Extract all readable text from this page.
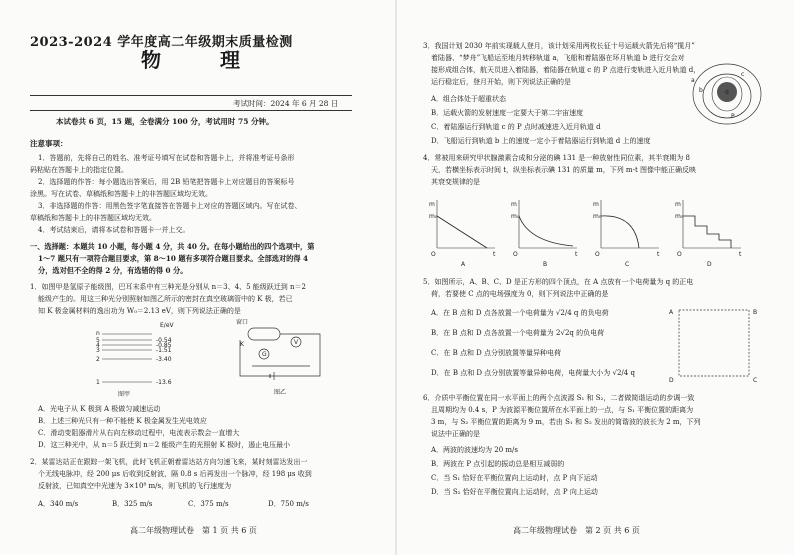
2023-2024 学年度高二年级期末质量检测
物 理
考试时间：2024 年 6 月 28 日
本试卷共 6 页，15 题，全卷满分 100 分，考试用时 75 分钟。
注意事项：
1．答题前，先将自己的姓名、准考证号填写在试卷和答题卡上，并将准考证号条形
码粘贴在答题卡上的指定位置。
2．选择题的作答：每小题选出答案后，用 2B 铅笔把答题卡上对应题目的答案标号
涂黑。写在试卷、草稿纸和答题卡上的非答题区域均无效。
3．非选择题的作答：用黑色签字笔直接答在答题卡上对应的答题区域内。写在试卷、
草稿纸和答题卡上的非答题区域均无效。
4．考试结束后，请将本试卷和答题卡一并上交。
一、选择题：本题共 10 小题，每小题 4 分，共 40 分。在每小题给出的四个选项中，第
1～7 题只有一项符合题目要求，第 8～10 题有多项符合题目要求。全部选对的得 4
分，选对但不全的得 2 分，有选错的得 0 分。
1．如图甲是氢原子能级图，巴耳末系中有三种光是分别从 n＝3、4、5 能级跃迁到 n＝2
能级产生的。用这三种光分别照射如图乙所示的密封在真空玻璃管中的 K 极，若已
知 K 极金属材料的逸出功为 W₀＝2.13 eV，则下列说法正确的是
E/eV
n
5	-0.54
4	-0.85
3	-1.51
2	-3.40
1	-13.6
图甲
窗口
K
G
V
图乙
A．光电子从 K 极到 A 极做匀减速运动
B．上述三种光只有一种不能使 K 极金属发生光电效应
C．滑动变阻器滑片从右向左移动过程中，电流表示数会一直增大
D．这三种光中，从 n＝5 跃迁到 n＝2 能级产生的光照射 K 极时，遏止电压最小
2．某雷达站正在跟踪一架飞机，此时飞机正朝着雷达站方向匀速飞来，某时刻雷达发出一
个无线电脉冲，经 200 μs 后收到反射波，隔 0.8 s 后再发出一个脉冲，经 198 μs 收到
反射波，已知真空中光速为 3×10⁸ m/s，则飞机的飞行速度为
A．340 m/s	B．325 m/s	C．375 m/s	D．750 m/s
高二年级物理试卷　第 1 页 共 6 页
3．我国计划 2030 年前实现载人登月，该计划采用两枚长征十号运载火箭先后将“揽月”
着陆器、“梦舟”飞船运至地月转移轨道 a，飞船和着陆器在环月轨道 b 进行交会对
接形成组合体，航天员进入着陆器，着陆器在轨道 c 的 P 点进行变轨进入近月轨道 d，
运行稳定后，登月开始，则下列说法正确的是
A．组合体处于超重状态
B．运载火箭的发射速度一定要大于第二宇宙速度
C．着陆器运行到轨道 c 的 P 点时减速进入近月轨道 d
D．飞船运行到轨道 b 上的速度一定小于着陆器运行到轨道 d 上的速度
a
b
c
d
P
4．常被用来研究甲状腺激素合成和分泌的碘 131 是一种放射性同位素，其半衰期为 8
天，若横坐标表示时间 t，纵坐标表示碘 131 的质量 m，下列 m-t 图像中能正确反映
其衰变规律的是
m
m₀
O	t
A
m
m₀
O	t
B
m
m₀
O	t
C
m
m₀
O	t
D
5．如图所示，A、B、C、D 是正方形的四个顶点，在 A 点放有一个电荷量为 q 的正电
荷，若要使 C 点的电场强度为 0，则下列说法中正确的是
A．在 B 点和 D 点各放置一个电荷量为 √2/4 q 的负电荷
B．在 B 点和 D 点各放置一个电荷量为 2√2q 的负电荷
C．在 B 点和 D 点分别放置等量异种电荷
D．在 B 点和 D 点分别放置等量异种电荷，电荷量大小为 √2/4 q
A	B
C
D
6．介质中平衡位置在同一水平面上的两个点波源 S₁ 和 S₂，二者做简谐运动的步调一致
且周期均为 0.4 s，P 为波源平衡位置所在水平面上的一点，与 S₁ 平衡位置的距离为
3 m，与 S₂ 平衡位置的距离为 9 m，若由 S₁ 和 S₂ 发出的简谐波的波长为 2 m，下列
说法中正确的是
A．两波的波速均为 20 m/s
B．两波在 P 点引起的振动总是相互减弱的
C．当 S₁ 恰好在平衡位置向上运动时，点 P 向下运动
D．当 S₂ 恰好在平衡位置向上运动时，点 P 向上运动
高二年级物理试卷　第 2 页 共 6 页
